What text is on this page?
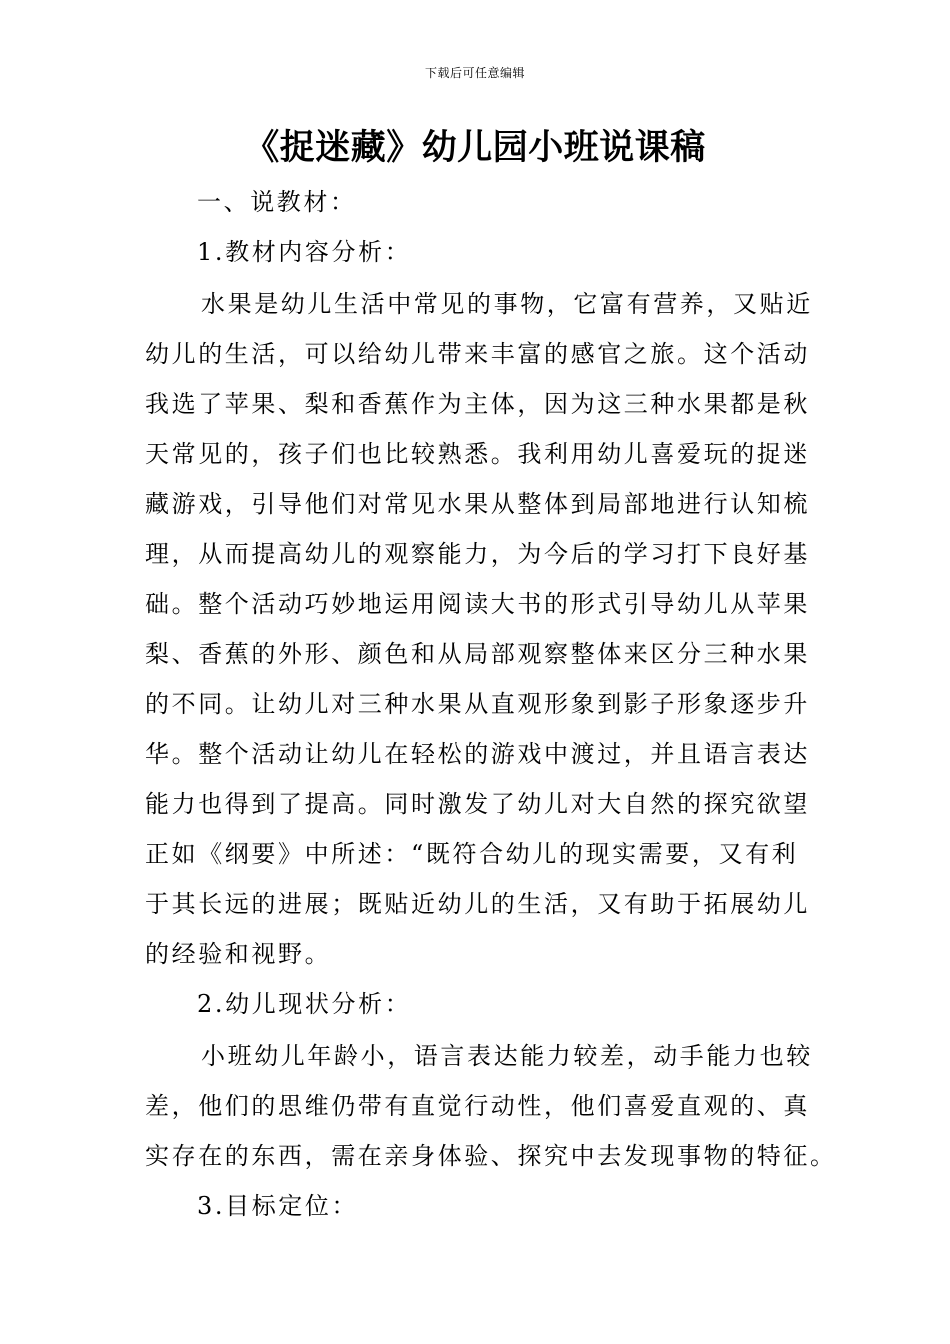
下载后可任意编辑
《捉迷藏》幼儿园小班说课稿
一、说教材：
1.教材内容分析：
水果是幼儿生活中常见的事物，它富有营养，又贴近
幼儿的生活，可以给幼儿带来丰富的感官之旅。这个活动
我选了苹果、梨和香蕉作为主体，因为这三种水果都是秋
天常见的，孩子们也比较熟悉。我利用幼儿喜爱玩的捉迷
藏游戏，引导他们对常见水果从整体到局部地进行认知梳
理，从而提高幼儿的观察能力，为今后的学习打下良好基
础。整个活动巧妙地运用阅读大书的形式引导幼儿从苹果
梨、香蕉的外形、颜色和从局部观察整体来区分三种水果
的不同。让幼儿对三种水果从直观形象到影子形象逐步升
华。整个活动让幼儿在轻松的游戏中渡过，并且语言表达
能力也得到了提高。同时激发了幼儿对大自然的探究欲望
正如《纲要》中所述：“既符合幼儿的现实需要，又有利
于其长远的进展；既贴近幼儿的生活，又有助于拓展幼儿
的经验和视野。
2.幼儿现状分析：
小班幼儿年龄小，语言表达能力较差，动手能力也较
差，他们的思维仍带有直觉行动性，他们喜爱直观的、真
实存在的东西，需在亲身体验、探究中去发现事物的特征。
3.目标定位：
